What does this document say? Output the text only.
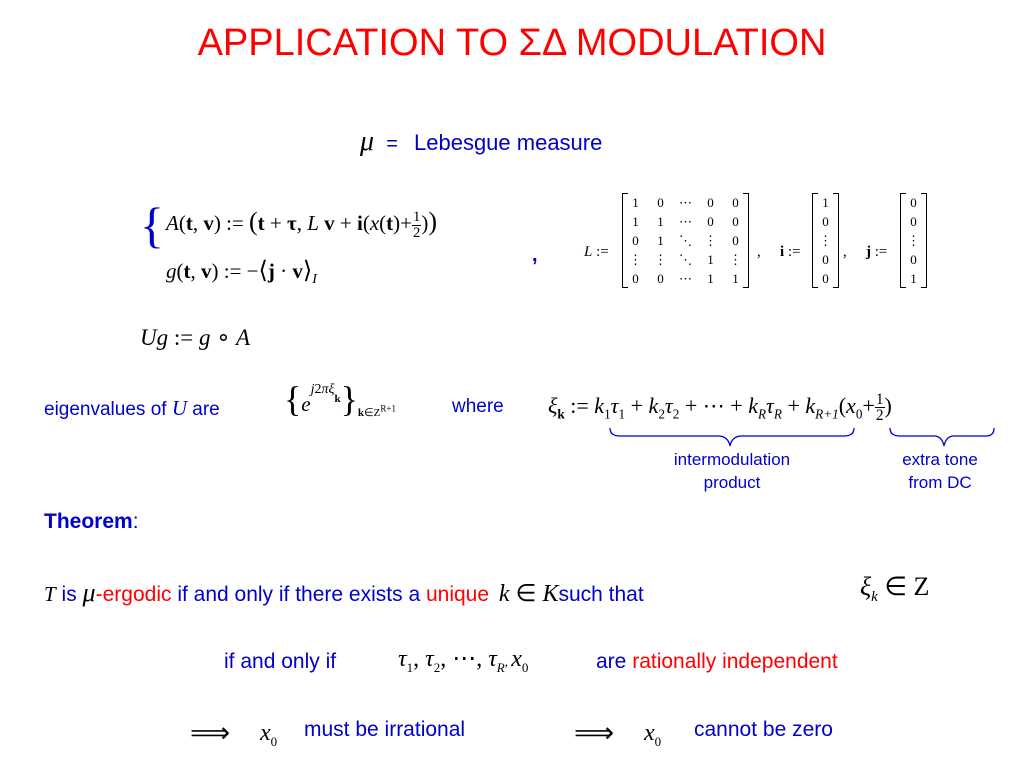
APPLICATION TO ΣΔ MODULATION
μ = Lebesgue measure
{ A(t, v) := (t + τ, L $v + i(x(t)+ \frac{1}{2}$ ))
g(t, v) := −⟨j · $v⟩_I$
,	L :=
1	0	⋯	0	0
1	1	⋯	0	0
0	1	⋱	⋮	0
⋮	⋮	⋱	1	⋮
0	0	⋯	1	1
, i :=
1
0
⋮
0
0
, j :=
0
0
⋮
0
1
Ug := g ∘ A
eigenvalues of U are $\{e^{j2\pi\xi}_k\}_{k\in Z^{R+1}}$	where $\xi_k$ := $k_1\tau_1 + k_2\tau_2$ + ⋯ + $k_R\tau_R + k_{R+1}(x_0+ \frac{1}{2}$ )
intermodulation
product
extra tone
from DC
Theorem:
T is μ-ergodic if and only if there exists a unique k ∈ Ksuch that	$\xi_k$ ∈ Z
if and only if	$\tau_1$, $\tau_2$, ⋯, $\tau_R$, $x_0$	are rationally independent
⟹ $x_0$
must be irrational	⟹ $x_0$
cannot be zero
